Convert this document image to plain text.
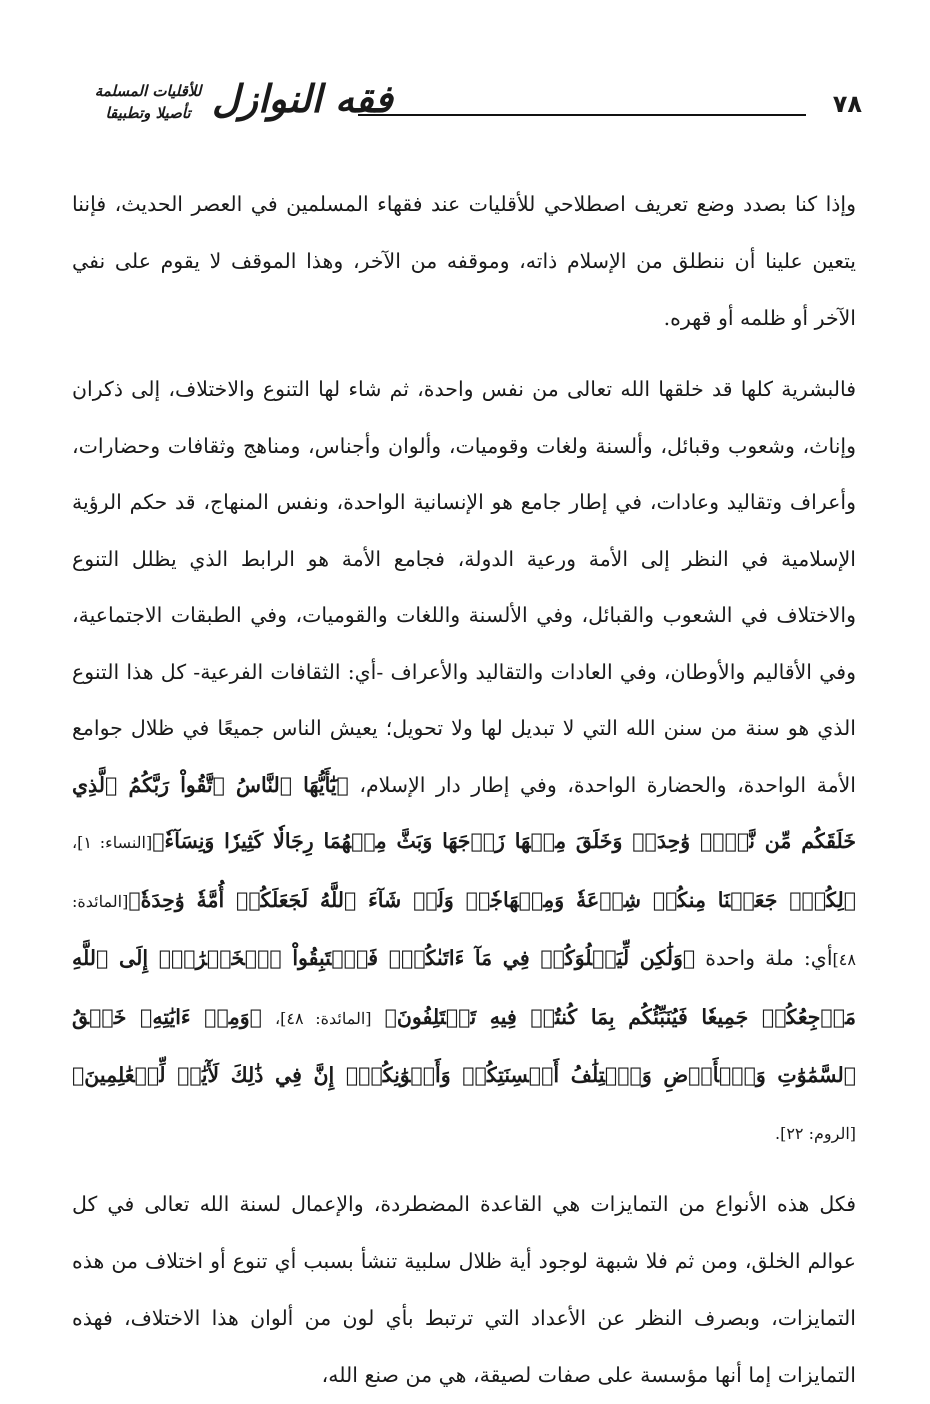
٧٨
فقه النوازل
للأقليات المسلمة
تأصيلا وتطبيقا

وإذا كنا بصدد وضع تعريف اصطلاحي للأقليات عند فقهاء المسلمين في العصر الحديث، فإننا يتعين علينا أن ننطلق من الإسلام ذاته، وموقفه من الآخر، وهذا الموقف لا يقوم على نفي الآخر أو ظلمه أو قهره.

فالبشرية كلها قد خلقها الله تعالى من نفس واحدة، ثم شاء لها التنوع والاختلاف، إلى ذكران وإناث، وشعوب وقبائل، وألسنة ولغات وقوميات، وألوان وأجناس، ومناهج وثقافات وحضارات، وأعراف وتقاليد وعادات، في إطار جامع هو الإنسانية الواحدة، ونفس المنهاج، قد حكم الرؤية الإسلامية في النظر إلى الأمة ورعية الدولة، فجامع الأمة هو الرابط الذي يظلل التنوع والاختلاف في الشعوب والقبائل، وفي الألسنة واللغات والقوميات، وفي الطبقات الاجتماعية، وفي الأقاليم والأوطان، وفي العادات والتقاليد والأعراف -أي: الثقافات الفرعية- كل هذا التنوع الذي هو سنة من سنن الله التي لا تبديل لها ولا تحويل؛ يعيش الناس جميعًا في ظلال جوامع الأمة الواحدة، والحضارة الواحدة، وفي إطار دار الإسلام، ﴿يَٰٓأَيُّهَا ٱلنَّاسُ ٱتَّقُواْ رَبَّكُمُ ٱلَّذِي خَلَقَكُم مِّن نَّفۡسٖ وَٰحِدَةٖ وَخَلَقَ مِنۡهَا زَوۡجَهَا وَبَثَّ مِنۡهُمَا رِجَالٗا كَثِيرٗا وَنِسَآءٗ﴾[النساء: ١]، ﴿لِكُلّٖ جَعَلۡنَا مِنكُمۡ شِرۡعَةٗ وَمِنۡهَاجٗاۚ وَلَوۡ شَآءَ ٱللَّهُ لَجَعَلَكُمۡ أُمَّةٗ وَٰحِدَةٗ﴾[المائدة: ٤٨]أي: ملة واحدة ﴿وَلَٰكِن لِّيَبۡلُوَكُمۡ فِي مَآ ءَاتَىٰكُمۡۖ فَٱسۡتَبِقُواْ ٱلۡخَيۡرَٰتِۚ إِلَى ٱللَّهِ مَرۡجِعُكُمۡ جَمِيعٗا فَيُنَبِّئُكُم بِمَا كُنتُمۡ فِيهِ تَخۡتَلِفُونَ﴾ [المائدة: ٤٨]، ﴿وَمِنۡ ءَايَٰتِهِۦ خَلۡقُ ٱلسَّمَٰوَٰتِ وَٱلۡأَرۡضِ وَٱخۡتِلَٰفُ أَلۡسِنَتِكُمۡ وَأَلۡوَٰنِكُمۡۚ إِنَّ فِي ذَٰلِكَ لَأٓيَٰتٖ لِّلۡعَٰلِمِينَ﴾[الروم: ٢٢].

فكل هذه الأنواع من التمايزات هي القاعدة المضطردة، والإعمال لسنة الله تعالى في كل عوالم الخلق، ومن ثم فلا شبهة لوجود أية ظلال سلبية تنشأ بسبب أي تنوع أو اختلاف من هذه التمايزات، وبصرف النظر عن الأعداد التي ترتبط بأي لون من ألوان هذا الاختلاف، فهذه التمايزات إما أنها مؤسسة على صفات لصيقة، هي من صنع الله،
